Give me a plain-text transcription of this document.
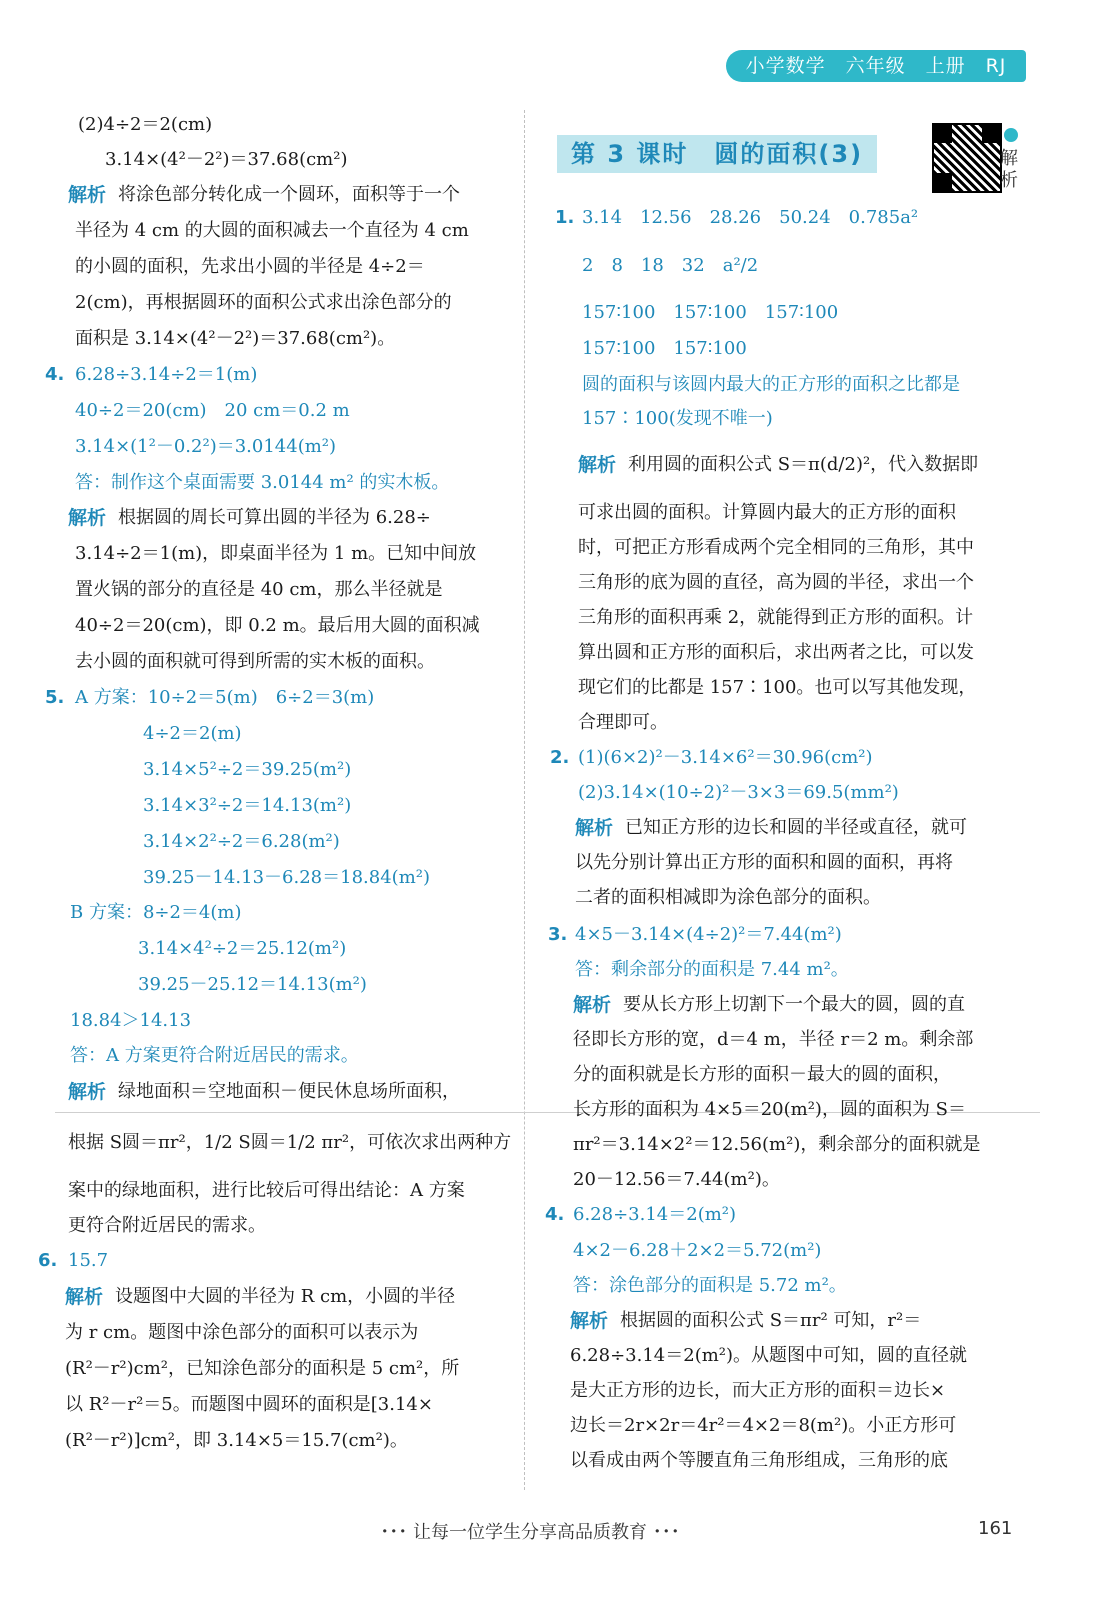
小学数学　六年级　上册　RJ
第 3 课时　圆的面积(3)	解析
(2)4÷2＝2(cm)
3.14×(4²－2²)＝37.68(cm²)
解析 将涂色部分转化成一个圆环，面积等于一个
半径为 4 cm 的大圆的面积减去一个直径为 4 cm
的小圆的面积，先求出小圆的半径是 4÷2＝
2(cm)，再根据圆环的面积公式求出涂色部分的
面积是 3.14×(4²－2²)＝37.68(cm²)。
4. 6.28÷3.14÷2＝1(m)
40÷2＝20(cm)　20 cm＝0.2 m
3.14×(1²－0.2²)＝3.0144(m²)
答：制作这个桌面需要 3.0144 m² 的实木板。
解析 根据圆的周长可算出圆的半径为 6.28÷
3.14÷2＝1(m)，即桌面半径为 1 m。已知中间放
置火锅的部分的直径是 40 cm，那么半径就是
40÷2＝20(cm)，即 0.2 m。最后用大圆的面积减
去小圆的面积就可得到所需的实木板的面积。
5. A 方案：10÷2＝5(m)　6÷2＝3(m)
4÷2＝2(m)
3.14×5²÷2＝39.25(m²)
3.14×3²÷2＝14.13(m²)
3.14×2²÷2＝6.28(m²)
39.25－14.13－6.28＝18.84(m²)
B 方案：8÷2＝4(m)
3.14×4²÷2＝25.12(m²)
39.25－25.12＝14.13(m²)
18.84＞14.13
答：A 方案更符合附近居民的需求。
解析 绿地面积＝空地面积－便民休息场所面积，
根据 S圆＝πr²，1/2 S圆＝1/2 πr²，可依次求出两种方
案中的绿地面积，进行比较后可得出结论：A 方案
更符合附近居民的需求。
6. 15.7
解析 设题图中大圆的半径为 R cm，小圆的半径
为 r cm。题图中涂色部分的面积可以表示为
(R²－r²)cm²，已知涂色部分的面积是 5 cm²，所
以 R²－r²＝5。而题图中圆环的面积是[3.14×
(R²－r²)]cm²，即 3.14×5＝15.7(cm²)。
1. 3.14　12.56　28.26　50.24　0.785a²
2　8　18　32　a²/2
157∶100　157∶100　157∶100
157∶100　157∶100
圆的面积与该圆内最大的正方形的面积之比都是
157∶100(发现不唯一)
解析 利用圆的面积公式 S＝π(d/2)²，代入数据即
可求出圆的面积。计算圆内最大的正方形的面积
时，可把正方形看成两个完全相同的三角形，其中
三角形的底为圆的直径，高为圆的半径，求出一个
三角形的面积再乘 2，就能得到正方形的面积。计
算出圆和正方形的面积后，求出两者之比，可以发
现它们的比都是 157∶100。也可以写其他发现，
合理即可。
2. (1)(6×2)²－3.14×6²＝30.96(cm²)
(2)3.14×(10÷2)²－3×3＝69.5(mm²)
解析 已知正方形的边长和圆的半径或直径，就可
以先分别计算出正方形的面积和圆的面积，再将
二者的面积相减即为涂色部分的面积。
3. 4×5－3.14×(4÷2)²＝7.44(m²)
答：剩余部分的面积是 7.44 m²。
解析 要从长方形上切割下一个最大的圆，圆的直
径即长方形的宽，d＝4 m，半径 r＝2 m。剩余部
分的面积就是长方形的面积－最大的圆的面积，
长方形的面积为 4×5＝20(m²)，圆的面积为 S＝
πr²＝3.14×2²＝12.56(m²)，剩余部分的面积就是
20－12.56＝7.44(m²)。
4. 6.28÷3.14＝2(m²)
4×2－6.28＋2×2＝5.72(m²)
答：涂色部分的面积是 5.72 m²。
解析 根据圆的面积公式 S＝πr² 可知，r²＝
6.28÷3.14＝2(m²)。从题图中可知，圆的直径就
是大正方形的边长，而大正方形的面积＝边长×
边长＝2r×2r＝4r²＝4×2＝8(m²)。小正方形可
以看成由两个等腰直角三角形组成，三角形的底
･･･ 让每一位学生分享高品质教育 ･･･	161
